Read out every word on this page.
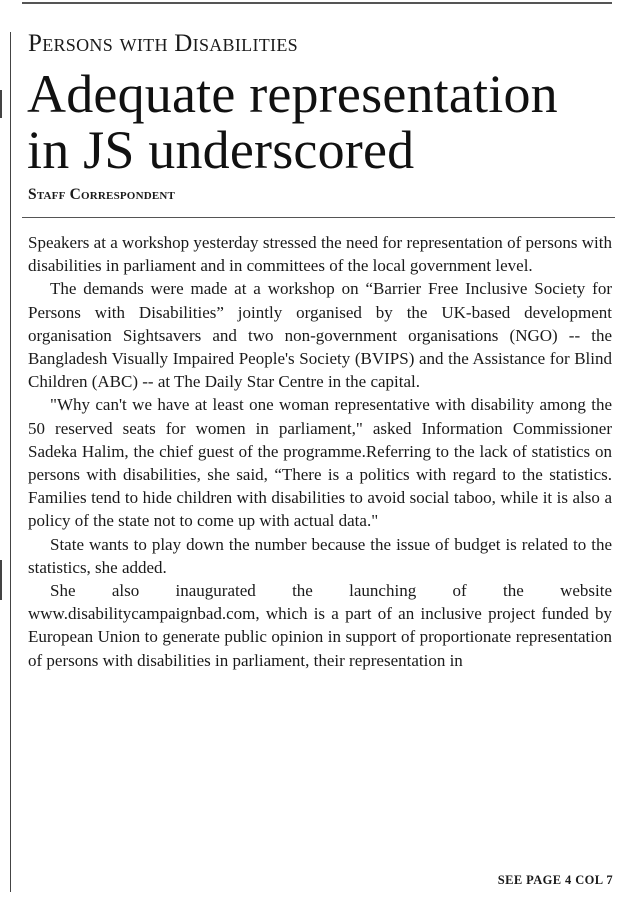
Persons with Disabilities
Adequate representation
in JS underscored
Staff Correspondent

Speakers at a workshop yesterday stressed the need for representation of persons with disabilities in parliament and in committees of the local government level.

The demands were made at a workshop on “Barrier Free Inclusive Society for Persons with Disabilities” jointly organised by the UK-based development organisation Sightsavers and two non-government organisations (NGO) -- the Bangladesh Visually Impaired People's Society (BVIPS) and the Assistance for Blind Children (ABC) -- at The Daily Star Centre in the capital.

"Why can't we have at least one woman representative with disability among the 50 reserved seats for women in parliament," asked Information Commissioner Sadeka Halim, the chief guest of the programme.Referring to the lack of statistics on persons with disabilities, she said, “There is a politics with regard to the statistics. Families tend to hide children with disabilities to avoid social taboo, while it is also a policy of the state not to come up with actual data."

State wants to play down the number because the issue of budget is related to the statistics, she added.

She also inaugurated the launching of the website www.disabilitycampaignbad.com, which is a part of an inclusive project funded by European Union to generate public opinion in support of proportionate representation of persons with disabilities in parliament, their representation in

SEE PAGE 4 COL 7
